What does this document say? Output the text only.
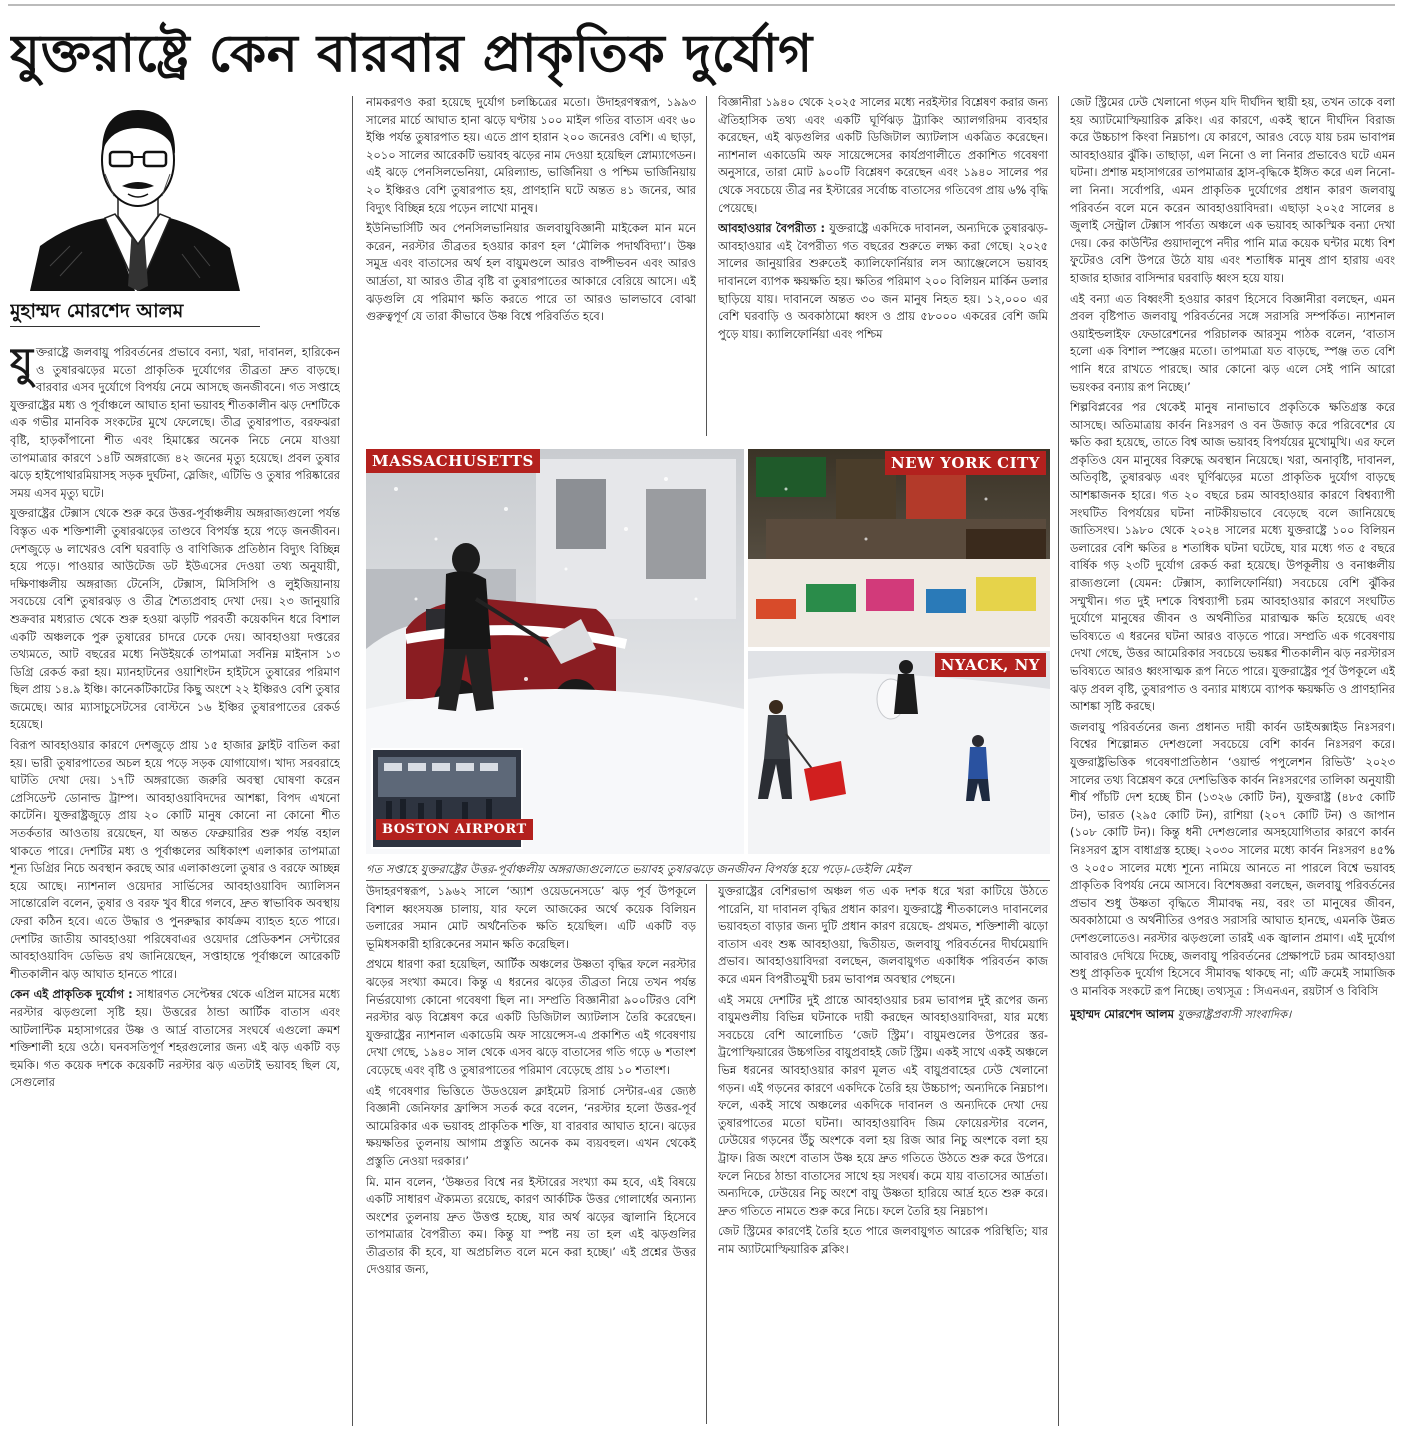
যুক্তরাষ্ট্রে কেন বারবার প্রাকৃতিক দুর্যোগ
মুহাম্মদ মোরশেদ আলম

যুক্তরাষ্ট্রে জলবায়ু পরিবর্তনের প্রভাবে বন্যা, খরা, দাবানল, হারিকেন ও তুষারঝড়ের মতো প্রাকৃতিক দুর্যোগের তীব্রতা দ্রুত বাড়ছে। বারবার এসব দুর্যোগে বিপর্যয় নেমে আসছে জনজীবনে। গত সপ্তাহে যুক্তরাষ্ট্রের মধ্য ও পূর্বাঞ্চলে আঘাত হানা ভয়াবহ শীতকালীন ঝড় দেশটিকে এক গভীর মানবিক সংকটের মুখে ফেলেছে। তীব্র তুষারপাত, বরফঝরা বৃষ্টি, হাড়কাঁপানো শীত এবং হিমাঙ্কের অনেক নিচে নেমে যাওয়া তাপমাত্রার কারণে ১৪টি অঙ্গরাজ্যে ৪২ জনের মৃত্যু হয়েছে। প্রবল তুষার ঝড়ে হাইপোথারমিয়াসহ সড়ক দুর্ঘটনা, স্লেজিং, এটিভি ও তুষার পরিষ্কারের সময় এসব মৃত্যু ঘটে।

যুক্তরাষ্ট্রের টেক্সাস থেকে শুরু করে উত্তর-পূর্বাঞ্চলীয় অঙ্গরাজ্যগুলো পর্যন্ত বিস্তৃত এক শক্তিশালী তুষারঝড়ের তাণ্ডবে বিপর্যস্ত হয়ে পড়ে জনজীবন। দেশজুড়ে ৬ লাখেরও বেশি ঘরবাড়ি ও বাণিজ্যিক প্রতিষ্ঠান বিদ্যুৎ বিচ্ছিন্ন হয়ে পড়ে। পাওয়ার আউটেজ ডট ইউএসের দেওয়া তথ্য অনুযায়ী, দক্ষিণাঞ্চলীয় অঙ্গরাজ্য টেনেসি, টেক্সাস, মিসিসিপি ও লুইজিয়ানায় সবচেয়ে বেশি তুষারঝড় ও তীব্র শৈত্যপ্রবাহ দেখা দেয়। ২৩ জানুয়ারি শুক্রবার মধ্যরাত থেকে শুরু হওয়া ঝড়টি পরবর্তী কয়েকদিন ধরে বিশাল একটি অঞ্চলকে পুরু তুষারের চাদরে ঢেকে দেয়। আবহাওয়া দপ্তরের তথ্যমতে, আট বছরের মধ্যে নিউইয়র্কে তাপমাত্রা সর্বনিম্ন মাইনাস ১৩ ডিগ্রি রেকর্ড করা হয়। ম্যানহাটনের ওয়াশিংটন হাইটসে তুষারের পরিমাণ ছিল প্রায় ১৪.৯ ইঞ্চি। কানেকটিকাটের কিছু অংশে ২২ ইঞ্চিরও বেশি তুষার জমেছে। আর ম্যাসাচুসেটসের বোস্টনে ১৬ ইঞ্চির তুষারপাতের রেকর্ড হয়েছে।

বিরূপ আবহাওয়ার কারণে দেশজুড়ে প্রায় ১৫ হাজার ফ্লাইট বাতিল করা হয়। ভারী তুষারপাতের অচল হয়ে পড়ে সড়ক যোগাযোগ। খাদ্য সরবরাহে ঘাটতি দেখা দেয়। ১৭টি অঙ্গরাজ্যে জরুরি অবস্থা ঘোষণা করেন প্রেসিডেন্ট ডোনাল্ড ট্রাম্প। আবহাওয়াবিদদের আশঙ্কা, বিপদ এখনো কাটেনি। যুক্তরাষ্ট্রজুড়ে প্রায় ২০ কোটি মানুষ কোনো না কোনো শীত সতর্কতার আওতায় রয়েছেন, যা অন্তত ফেব্রুয়ারির শুরু পর্যন্ত বহাল থাকতে পারে। দেশটির মধ্য ও পূর্বাঞ্চলের অধিকাংশ এলাকার তাপমাত্রা শূন্য ডিগ্রির নিচে অবস্থান করছে আর এলাকাগুলো তুষার ও বরফে আচ্ছন্ন হয়ে আছে। ন্যাশনাল ওয়েদার সার্ভিসের আবহাওয়াবিদ অ্যালিসন সান্তোরেলি বলেন, তুষার ও বরফ খুব ধীরে গলবে, দ্রুত স্বাভাবিক অবস্থায় ফেরা কঠিন হবে। এতে উদ্ধার ও পুনরুদ্ধার কার্যক্রম ব্যাহত হতে পারে। দেশটির জাতীয় আবহাওয়া পরিষেবাএর ওয়েদার প্রেডিকশন সেন্টারের আবহাওয়াবিদ ডেভিড রথ জানিয়েছেন, সপ্তাহান্তে পূর্বাঞ্চলে আরেকটি শীতকালীন ঝড় আঘাত হানতে পারে।

কেন এই প্রাকৃতিক দুর্যোগ : সাধারণত সেপ্টেম্বর থেকে এপ্রিল মাসের মধ্যে নরস্টার ঝড়গুলো সৃষ্টি হয়। উত্তরের ঠান্ডা আর্টিক বাতাস এবং আটলান্টিক মহাসাগরের উষ্ণ ও আর্দ্র বাতাসের সংঘর্ষে এগুলো ক্রমশ শক্তিশালী হয়ে ওঠে। ঘনবসতিপূর্ণ শহরগুলোর জন্য এই ঝড় একটি বড় হুমকি। গত কয়েক দশকে কয়েকটি নরস্টার ঝড় এতটাই ভয়াবহ ছিল যে, সেগুলোর

নামকরণও করা হয়েছে দুর্যোগ চলচ্চিত্রের মতো। উদাহরণস্বরূপ, ১৯৯৩ সালের মার্চে আঘাত হানা ঝড়ে ঘণ্টায় ১০০ মাইল গতির বাতাস এবং ৬০ ইঞ্চি পর্যন্ত তুষারপাত হয়। এতে প্রাণ হারান ২০০ জনেরও বেশি। এ ছাড়া, ২০১০ সালের আরেকটি ভয়াবহ ঝড়ের নাম দেওয়া হয়েছিল স্নোম্যাগেডন। এই ঝড়ে পেনসিলভেনিয়া, মেরিল্যান্ড, ভার্জিনিয়া ও পশ্চিম ভার্জিনিয়ায় ২০ ইঞ্চিরও বেশি তুষারপাত হয়, প্রাণহানি ঘটে অন্তত ৪১ জনের, আর বিদ্যুৎ বিচ্ছিন্ন হয়ে পড়েন লাখো মানুষ।

ইউনিভার্সিটি অব পেনসিলভানিয়ার জলবায়ুবিজ্ঞানী মাইকেল মান মনে করেন, নরস্টার তীব্রতর হওয়ার কারণ হল ‘মৌলিক পদার্থবিদ্যা’। উষ্ণ সমুদ্র এবং বাতাসের অর্থ হল বায়ুমণ্ডলে আরও বাষ্পীভবন এবং আরও আর্দ্রতা, যা আরও তীব্র বৃষ্টি বা তুষারপাতের আকারে বেরিয়ে আসে। এই ঝড়গুলি যে পরিমাণ ক্ষতি করতে পারে তা আরও ভালভাবে বোঝা গুরুত্বপূর্ণ যে তারা কীভাবে উষ্ণ বিশ্বে পরিবর্তিত হবে।

বিজ্ঞানীরা ১৯৪০ থেকে ২০২৫ সালের মধ্যে নরইস্টার বিশ্লেষণ করার জন্য ঐতিহাসিক তথ্য এবং একটি ঘূর্ণিঝড় ট্র্যাকিং অ্যালগরিদম ব্যবহার করেছেন, এই ঝড়গুলির একটি ডিজিটাল অ্যাটলাস একত্রিত করেছেন। ন্যাশনাল একাডেমি অফ সায়েন্সেসের কার্যপ্রণালীতে প্রকাশিত গবেষণা অনুসারে, তারা মোট ৯০০টি বিশ্লেষণ করেছেন এবং ১৯৪০ সালের পর থেকে সবচেয়ে তীব্র নর ইস্টারের সর্বোচ্চ বাতাসের গতিবেগ প্রায় ৬% বৃদ্ধি পেয়েছে।

আবহাওয়ার বৈপরীত্য : যুক্তরাষ্ট্রে একদিকে দাবানল, অন্যদিকে তুষারঝড়- আবহাওয়ার এই বৈপরীত্য গত বছরের শুরুতে লক্ষ্য করা গেছে। ২০২৫ সালের জানুয়ারির শুরুতেই ক্যালিফোর্নিয়ার লস অ্যাঞ্জেলেসে ভয়াবহ দাবানলে ব্যাপক ক্ষয়ক্ষতি হয়। ক্ষতির পরিমাণ ২০০ বিলিয়ন মার্কিন ডলার ছাড়িয়ে যায়। দাবানলে অন্তত ৩০ জন মানুষ নিহত হয়। ১২,০০০ এর বেশি ঘরবাড়ি ও অবকাঠামো ধ্বংস ও প্রায় ৫৮০০০ একরের বেশি জমি পুড়ে যায়। ক্যালিফোর্নিয়া এবং পশ্চিম

MASSACHUSETTS	NEW YORK CITY
NYACK, NY
BOSTON AIRPORT
গত সপ্তাহে যুক্তরাষ্ট্রের উত্তর-পূর্বাঞ্চলীয় অঙ্গরাজ্যগুলোতে ভয়াবহ তুষারঝড়ে জনজীবন বিপর্যস্ত হয়ে পড়ে।-ডেইলি মেইল

উদাহরণস্বরূপ, ১৯৬২ সালে ‘অ্যাশ ওয়েডনেসডে’ ঝড় পূর্ব উপকূলে বিশাল ধ্বংসযজ্ঞ চালায়, যার ফলে আজকের অর্থে কয়েক বিলিয়ন ডলারের সমান মোট অর্থনৈতিক ক্ষতি হয়েছিল। এটি একটি বড় ভূমিধসকারী হারিকেনের সমান ক্ষতি করেছিল।

প্রথমে ধারণা করা হয়েছিল, আর্টিক অঞ্চলের উষ্ণতা বৃদ্ধির ফলে নরস্টার ঝড়ের সংখ্যা কমবে। কিন্তু এ ধরনের ঝড়ের তীব্রতা নিয়ে তখন পর্যন্ত নির্ভরযোগ্য কোনো গবেষণা ছিল না। সম্প্রতি বিজ্ঞানীরা ৯০০টিরও বেশি নরস্টার ঝড় বিশ্লেষণ করে একটি ডিজিটাল অ্যাটলাস তৈরি করেছেন। যুক্তরাষ্ট্রের ন্যাশনাল একাডেমি অফ সায়েন্সেস-এ প্রকাশিত এই গবেষণায় দেখা গেছে, ১৯৪০ সাল থেকে এসব ঝড়ে বাতাসের গতি গড়ে ৬ শতাংশ বেড়েছে এবং বৃষ্টি ও তুষারপাতের পরিমাণ বেড়েছে প্রায় ১০ শতাংশ।

এই গবেষণার ভিত্তিতে উডওয়েল ক্লাইমেট রিসার্চ সেন্টার-এর জ্যেষ্ঠ বিজ্ঞানী জেনিফার ফ্রান্সিস সতর্ক করে বলেন, ‘নরস্টার হলো উত্তর-পূর্ব আমেরিকার এক ভয়াবহ প্রাকৃতিক শক্তি, যা বারবার আঘাত হানে। ঝড়ের ক্ষয়ক্ষতির তুলনায় আগাম প্রস্তুতি অনেক কম ব্যয়বহুল। এখন থেকেই প্রস্তুতি নেওয়া দরকার।’

মি. মান বলেন, ‘উষ্ণতর বিশ্বে নর ইস্টারের সংখ্যা কম হবে, এই বিষয়ে একটি সাধারণ ঐক্যমত্য রয়েছে, কারণ আর্কটিক উত্তর গোলার্ধের অন্যান্য অংশের তুলনায় দ্রুত উত্তপ্ত হচ্ছে, যার অর্থ ঝড়ের জ্বালানি হিসেবে তাপমাত্রার বৈপরীত্য কম। কিন্তু যা স্পষ্ট নয় তা হল এই ঝড়গুলির তীব্রতার কী হবে, যা অপ্রচলিত বলে মনে করা হচ্ছে।’ এই প্রশ্নের উত্তর দেওয়ার জন্য,

যুক্তরাষ্ট্রের বেশিরভাগ অঞ্চল গত এক দশক ধরে খরা কাটিয়ে উঠতে পারেনি, যা দাবানল বৃদ্ধির প্রধান কারণ। যুক্তরাষ্ট্রে শীতকালেও দাবানলের ভয়াবহতা বাড়ার জন্য দুটি প্রধান কারণ রয়েছে- প্রথমত, শক্তিশালী ঝড়ো বাতাস এবং শুষ্ক আবহাওয়া, দ্বিতীয়ত, জলবায়ু পরিবর্তনের দীর্ঘমেয়াদি প্রভাব। আবহাওয়াবিদরা বলছেন, জলবায়ুগত একাধিক পরিবর্তন কাজ করে এমন বিপরীতমুখী চরম ভাবাপন্ন অবস্থার পেছনে।

এই সময়ে দেশটির দুই প্রান্তে আবহাওয়ার চরম ভাবাপন্ন দুই রূপের জন্য বায়ুমণ্ডলীয় বিভিন্ন ঘটনাকে দায়ী করছেন আবহাওয়াবিদরা, যার মধ্যে সবচেয়ে বেশি আলোচিত ‘জেট স্ট্রিম’। বায়ুমণ্ডলের উপরের স্তর- ট্রপোস্ফিয়ারের উচ্চগতির বায়ুপ্রবাহই জেট স্ট্রিম। একই সাথে একই অঞ্চলে ভিন্ন ধরনের আবহাওয়ার কারণ মূলত এই বায়ুপ্রবাহের ঢেউ খেলানো গড়ন। এই গড়নের কারণে একদিকে তৈরি হয় উচ্চচাপ; অন্যদিকে নিম্নচাপ। ফলে, একই সাথে অঞ্চলের একদিকে দাবানল ও অন্যদিকে দেখা দেয় তুষারপাতের মতো ঘটনা। আবহাওয়াবিদ জিম ফোয়েরস্টার বলেন, ঢেউয়ের গড়নের উঁচু অংশকে বলা হয় রিজ আর নিচু অংশকে বলা হয় ট্রাফ। রিজ অংশে বাতাস উষ্ণ হয়ে দ্রুত গতিতে উঠতে শুরু করে উপরে। ফলে নিচের ঠান্ডা বাতাসের সাথে হয় সংঘর্ষ। কমে যায় বাতাসের আর্দ্রতা। অন্যদিকে, ঢেউয়ের নিচু অংশে বায়ু উষ্ণতা হারিয়ে আর্দ্র হতে শুরু করে। দ্রুত গতিতে নামতে শুরু করে নিচে। ফলে তৈরি হয় নিম্নচাপ।

জেট স্ট্রিমের কারণেই তৈরি হতে পারে জলবায়ুগত আরেক পরিস্থিতি; যার নাম অ্যাটমোস্ফিয়ারিক ব্লকিং।

জেট স্ট্রিমের ঢেউ খেলানো গড়ন যদি দীর্ঘদিন স্থায়ী হয়, তখন তাকে বলা হয় অ্যাটমোস্ফিয়ারিক ব্লকিং। এর কারণে, একই স্থানে দীর্ঘদিন বিরাজ করে উচ্চচাপ কিংবা নিম্নচাপ। যে কারণে, আরও বেড়ে যায় চরম ভাবাপন্ন আবহাওয়ার ঝুঁকি। তাছাড়া, এল নিনো ও লা নিনার প্রভাবেও ঘটে এমন ঘটনা। প্রশান্ত মহাসাগরের তাপমাত্রার হ্রাস-বৃদ্ধিকে ইঙ্গিত করে এল নিনো-লা নিনা। সর্বোপরি, এমন প্রাকৃতিক দুর্যোগের প্রধান কারণ জলবায়ু পরিবর্তন বলে মনে করেন আবহাওয়াবিদরা। এছাড়া ২০২৫ সালের ৪ জুলাই সেন্ট্রাল টেক্সাস পার্বত্য অঞ্চলে এক ভয়াবহ আকস্মিক বন্যা দেখা দেয়। কের কাউন্টির গুয়াদালুপে নদীর পানি মাত্র কয়েক ঘন্টার মধ্যে বিশ ফুটেরও বেশি উপরে উঠে যায় এবং শতাধিক মানুষ প্রাণ হারায় এবং হাজার হাজার বাসিন্দার ঘরবাড়ি ধ্বংস হয়ে যায়।

এই বন্যা এত বিধ্বংসী হওয়ার কারণ হিসেবে বিজ্ঞানীরা বলছেন, এমন প্রবল বৃষ্টিপাত জলবায়ু পরিবর্তনের সঙ্গে সরাসরি সম্পর্কিত। ন্যাশনাল ওয়াইল্ডলাইফ ফেডারেশনের পরিচালক আরসুম পাঠক বলেন, ‘বাতাস হলো এক বিশাল স্পঞ্জের মতো। তাপমাত্রা যত বাড়ছে, স্পঞ্জ তত বেশি পানি ধরে রাখতে পারছে। আর কোনো ঝড় এলে সেই পানি আরো ভয়ংকর বন্যায় রূপ নিচ্ছে।’

শিল্পবিপ্লবের পর থেকেই মানুষ নানাভাবে প্রকৃতিকে ক্ষতিগ্রস্ত করে আসছে। অতিমাত্রায় কার্বন নিঃসরণ ও বন উজাড় করে পরিবেশের যে ক্ষতি করা হয়েছে, তাতে বিশ্ব আজ ভয়াবহ বিপর্যয়ের মুখোমুখি। এর ফলে প্রকৃতিও যেন মানুষের বিরুদ্ধে অবস্থান নিয়েছে। খরা, অনাবৃষ্টি, দাবানল, অতিবৃষ্টি, তুষারঝড় এবং ঘূর্ণিঝড়ের মতো প্রাকৃতিক দুর্যোগ বাড়ছে আশঙ্কাজনক হারে। গত ২০ বছরে চরম আবহাওয়ার কারণে বিশ্বব্যাপী সংঘটিত বিপর্যয়ের ঘটনা নাটকীয়ভাবে বেড়েছে বলে জানিয়েছে জাতিসংঘ। ১৯৮০ থেকে ২০২৪ সালের মধ্যে যুক্তরাষ্ট্রে ১০০ বিলিয়ন ডলারের বেশি ক্ষতির ৪ শতাধিক ঘটনা ঘটেছে, যার মধ্যে গত ৫ বছরে বার্ষিক গড় ২৩টি দুর্যোগ রেকর্ড করা হয়েছে। উপকূলীয় ও বনাঞ্চলীয় রাজ্যগুলো (যেমন: টেক্সাস, ক্যালিফোর্নিয়া) সবচেয়ে বেশি ঝুঁকির সম্মুখীন। গত দুই দশকে বিশ্বব্যাপী চরম আবহাওয়ার কারণে সংঘটিত দুর্যোগে মানুষের জীবন ও অর্থনীতির মারাত্মক ক্ষতি হয়েছে এবং ভবিষ্যতে এ ধরনের ঘটনা আরও বাড়তে পারে। সম্প্রতি এক গবেষণায় দেখা গেছে, উত্তর আমেরিকার সবচেয়ে ভয়ঙ্কর শীতকালীন ঝড় নরস্টারস ভবিষ্যতে আরও ধ্বংসাত্মক রূপ নিতে পারে। যুক্তরাষ্ট্রের পূর্ব উপকূলে এই ঝড় প্রবল বৃষ্টি, তুষারপাত ও বন্যার মাধ্যমে ব্যাপক ক্ষয়ক্ষতি ও প্রাণহানির আশঙ্কা সৃষ্টি করছে।

জলবায়ু পরিবর্তনের জন্য প্রধানত দায়ী কার্বন ডাইঅক্সাইড নিঃসরণ। বিশ্বের শিল্পোন্নত দেশগুলো সবচেয়ে বেশি কার্বন নিঃসরণ করে। যুক্তরাষ্ট্রভিত্তিক গবেষণাপ্রতিষ্ঠান ‘ওয়ার্ল্ড পপুলেশন রিভিউ’ ২০২৩ সালের তথ্য বিশ্লেষণ করে দেশভিত্তিক কার্বন নিঃসরণের তালিকা অনুযায়ী শীর্ষ পাঁচটি দেশ হচ্ছে চীন (১৩২৬ কোটি টন), যুক্তরাষ্ট্র (৪৮৫ কোটি টন), ভারত (২৯৫ কোটি টন), রাশিয়া (২০৭ কোটি টন) ও জাপান (১০৮ কোটি টন)। কিন্তু ধনী দেশগুলোর অসহযোগিতার কারণে কার্বন নিঃসরণ হ্রাস বাধাগ্রস্ত হচ্ছে। ২০৩০ সালের মধ্যে কার্বন নিঃসরণ ৪৫% ও ২০৫০ সালের মধ্যে শূন্যে নামিয়ে আনতে না পারলে বিশ্বে ভয়াবহ প্রাকৃতিক বিপর্যয় নেমে আসবে। বিশেষজ্ঞরা বলছেন, জলবায়ু পরিবর্তনের প্রভাব শুধু উষ্ণতা বৃদ্ধিতে সীমাবদ্ধ নয়, বরং তা মানুষের জীবন, অবকাঠামো ও অর্থনীতির ওপরও সরাসরি আঘাত হানছে, এমনকি উন্নত দেশগুলোতেও। নরস্টার ঝড়গুলো তারই এক জ্বালান প্রমাণ। এই দুর্যোগ আবারও দেখিয়ে দিচ্ছে, জলবায়ু পরিবর্তনের প্রেক্ষাপটে চরম আবহাওয়া শুধু প্রাকৃতিক দুর্যোগ হিসেবে সীমাবদ্ধ থাকছে না; এটি ক্রমেই সামাজিক ও মানবিক সংকটে রূপ নিচ্ছে। তথ্যসূত্র : সিএনএন, রয়টার্স ও বিবিসি

মুহাম্মদ মোরশেদ আলম যুক্তরাষ্ট্রপ্রবাসী সাংবাদিক।
